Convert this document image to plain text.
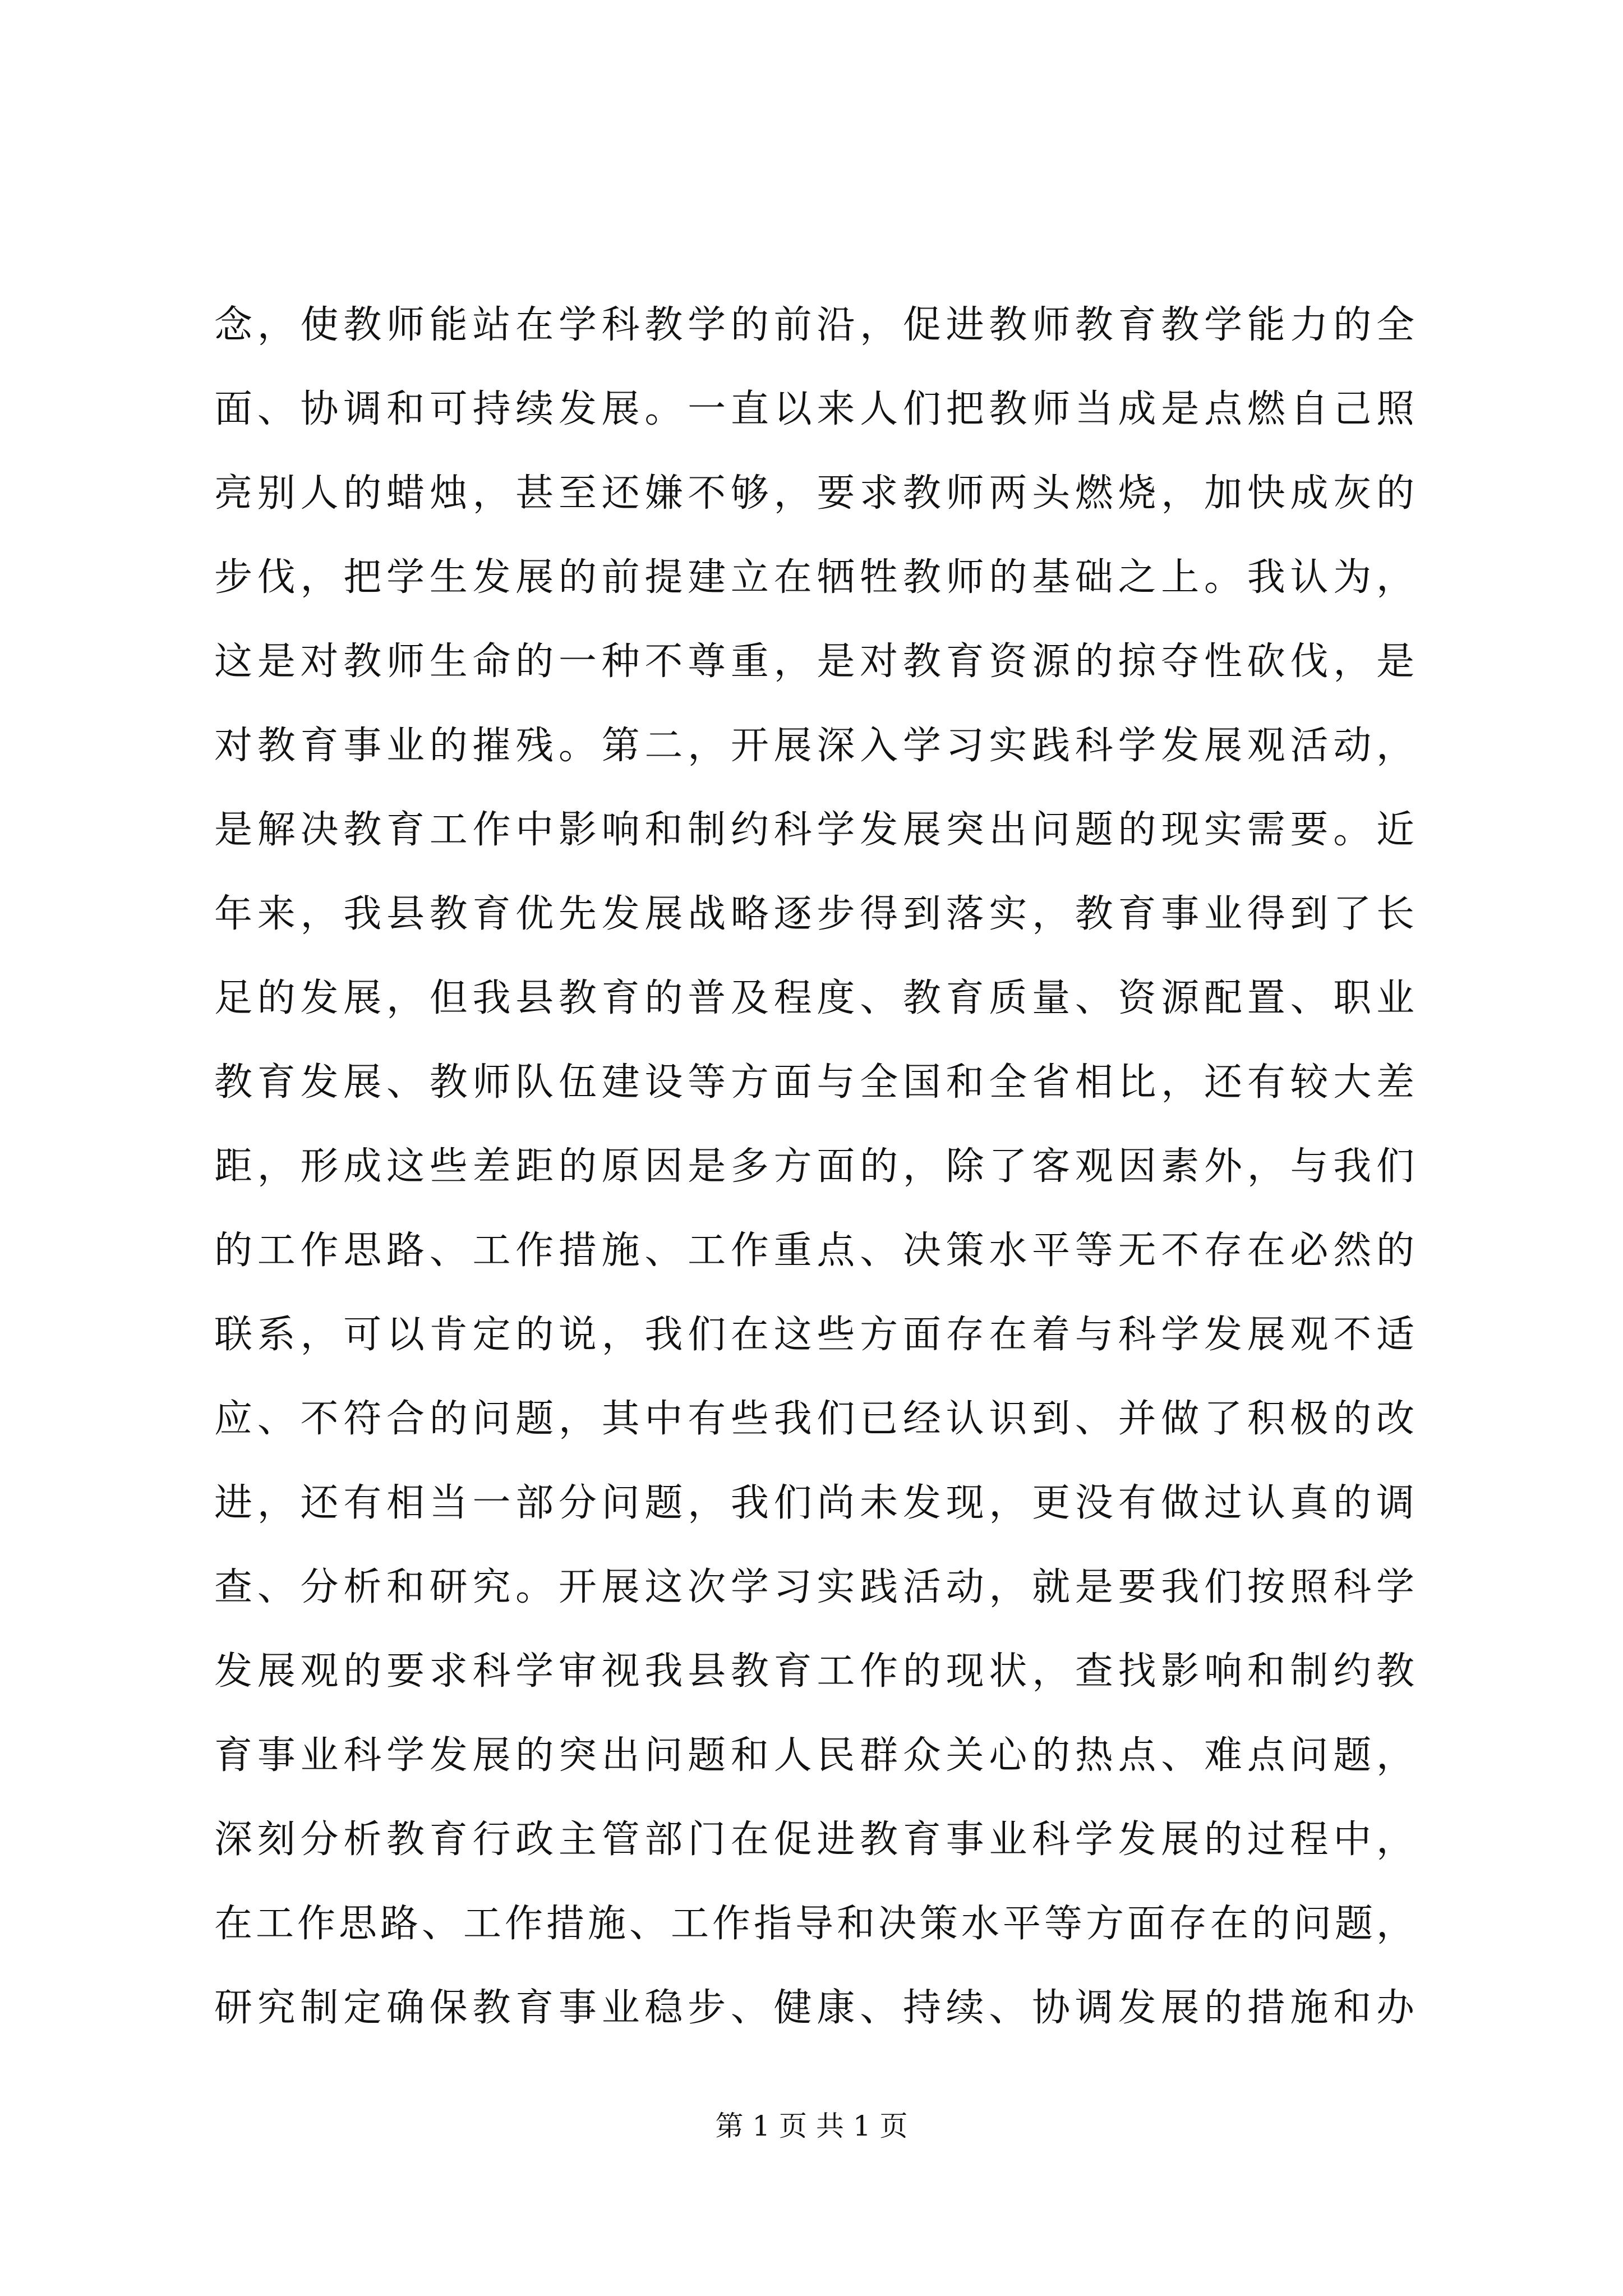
念，使教师能站在学科教学的前沿，促进教师教育教学能力的全
面、协调和可持续发展。一直以来人们把教师当成是点燃自己照
亮别人的蜡烛，甚至还嫌不够，要求教师两头燃烧，加快成灰的
步伐，把学生发展的前提建立在牺牲教师的基础之上。我认为，
这是对教师生命的一种不尊重，是对教育资源的掠夺性砍伐，是
对教育事业的摧残。第二，开展深入学习实践科学发展观活动，
是解决教育工作中影响和制约科学发展突出问题的现实需要。近
年来，我县教育优先发展战略逐步得到落实，教育事业得到了长
足的发展，但我县教育的普及程度、教育质量、资源配置、职业
教育发展、教师队伍建设等方面与全国和全省相比，还有较大差
距，形成这些差距的原因是多方面的，除了客观因素外，与我们
的工作思路、工作措施、工作重点、决策水平等无不存在必然的
联系，可以肯定的说，我们在这些方面存在着与科学发展观不适
应、不符合的问题，其中有些我们已经认识到、并做了积极的改
进，还有相当一部分问题，我们尚未发现，更没有做过认真的调
查、分析和研究。开展这次学习实践活动，就是要我们按照科学
发展观的要求科学审视我县教育工作的现状，查找影响和制约教
育事业科学发展的突出问题和人民群众关心的热点、难点问题，
深刻分析教育行政主管部门在促进教育事业科学发展的过程中，
在工作思路、工作措施、工作指导和决策水平等方面存在的问题，
研究制定确保教育事业稳步、健康、持续、协调发展的措施和办
第 1 页 共 1 页
